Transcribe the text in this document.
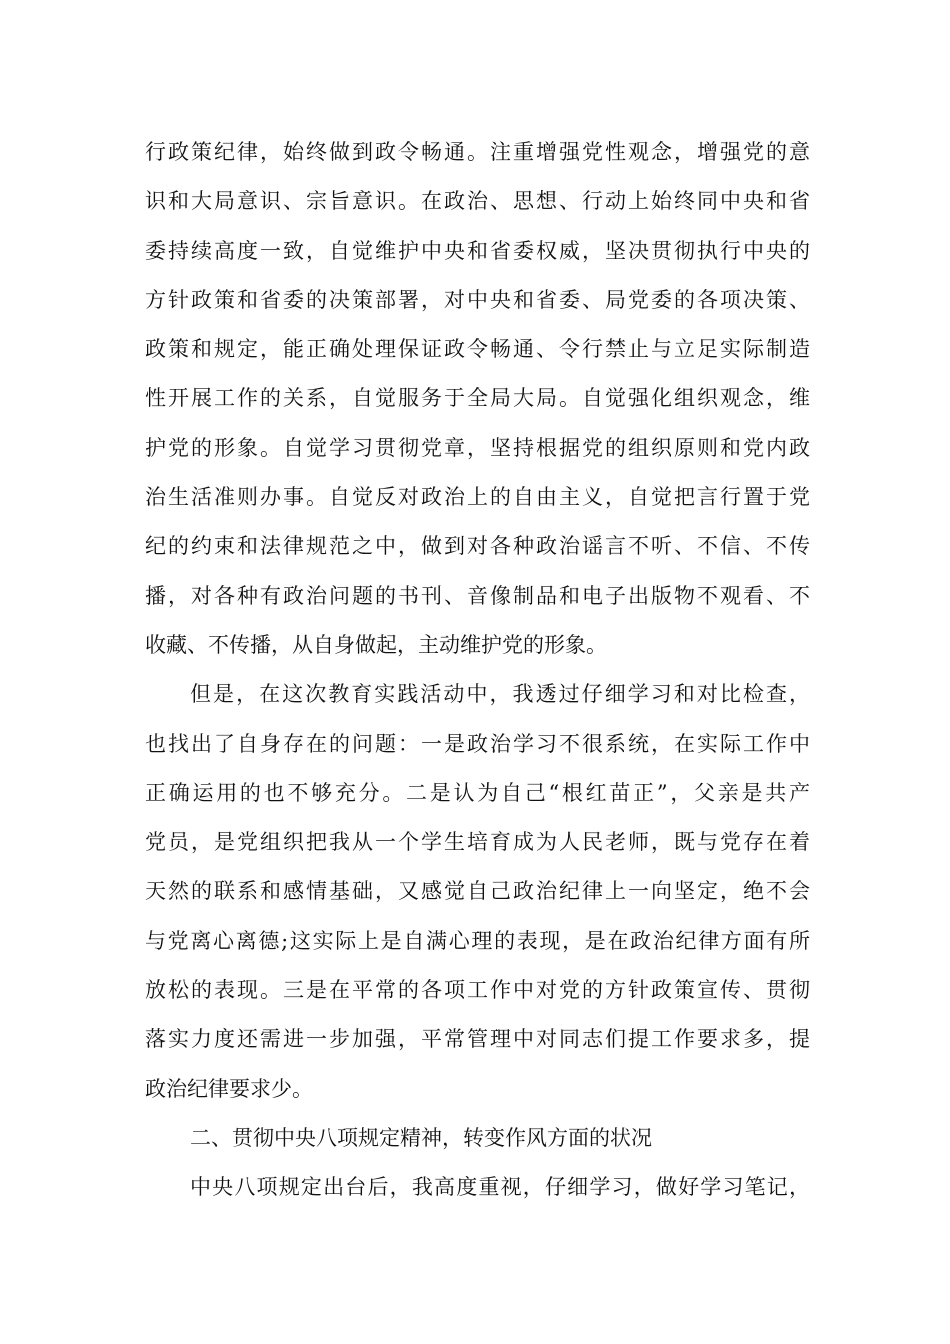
行政策纪律，始终做到政令畅通。注重增强党性观念，增强党的意
识和大局意识、宗旨意识。在政治、思想、行动上始终同中央和省
委持续高度一致，自觉维护中央和省委权威，坚决贯彻执行中央的
方针政策和省委的决策部署，对中央和省委、局党委的各项决策、
政策和规定，能正确处理保证政令畅通、令行禁止与立足实际制造
性开展工作的关系，自觉服务于全局大局。自觉强化组织观念，维
护党的形象。自觉学习贯彻党章，坚持根据党的组织原则和党内政
治生活准则办事。自觉反对政治上的自由主义，自觉把言行置于党
纪的约束和法律规范之中，做到对各种政治谣言不听、不信、不传
播，对各种有政治问题的书刊、音像制品和电子出版物不观看、不
收藏、不传播，从自身做起，主动维护党的形象。
但是，在这次教育实践活动中，我透过仔细学习和对比检查，
也找出了自身存在的问题：一是政治学习不很系统，在实际工作中
正确运用的也不够充分。二是认为自己“根红苗正”，父亲是共产
党员，是党组织把我从一个学生培育成为人民老师，既与党存在着
天然的联系和感情基础，又感觉自己政治纪律上一向坚定，绝不会
与党离心离德;这实际上是自满心理的表现，是在政治纪律方面有所
放松的表现。三是在平常的各项工作中对党的方针政策宣传、贯彻
落实力度还需进一步加强，平常管理中对同志们提工作要求多，提
政治纪律要求少。
二、贯彻中央八项规定精神，转变作风方面的状况
中央八项规定出台后，我高度重视，仔细学习，做好学习笔记，
